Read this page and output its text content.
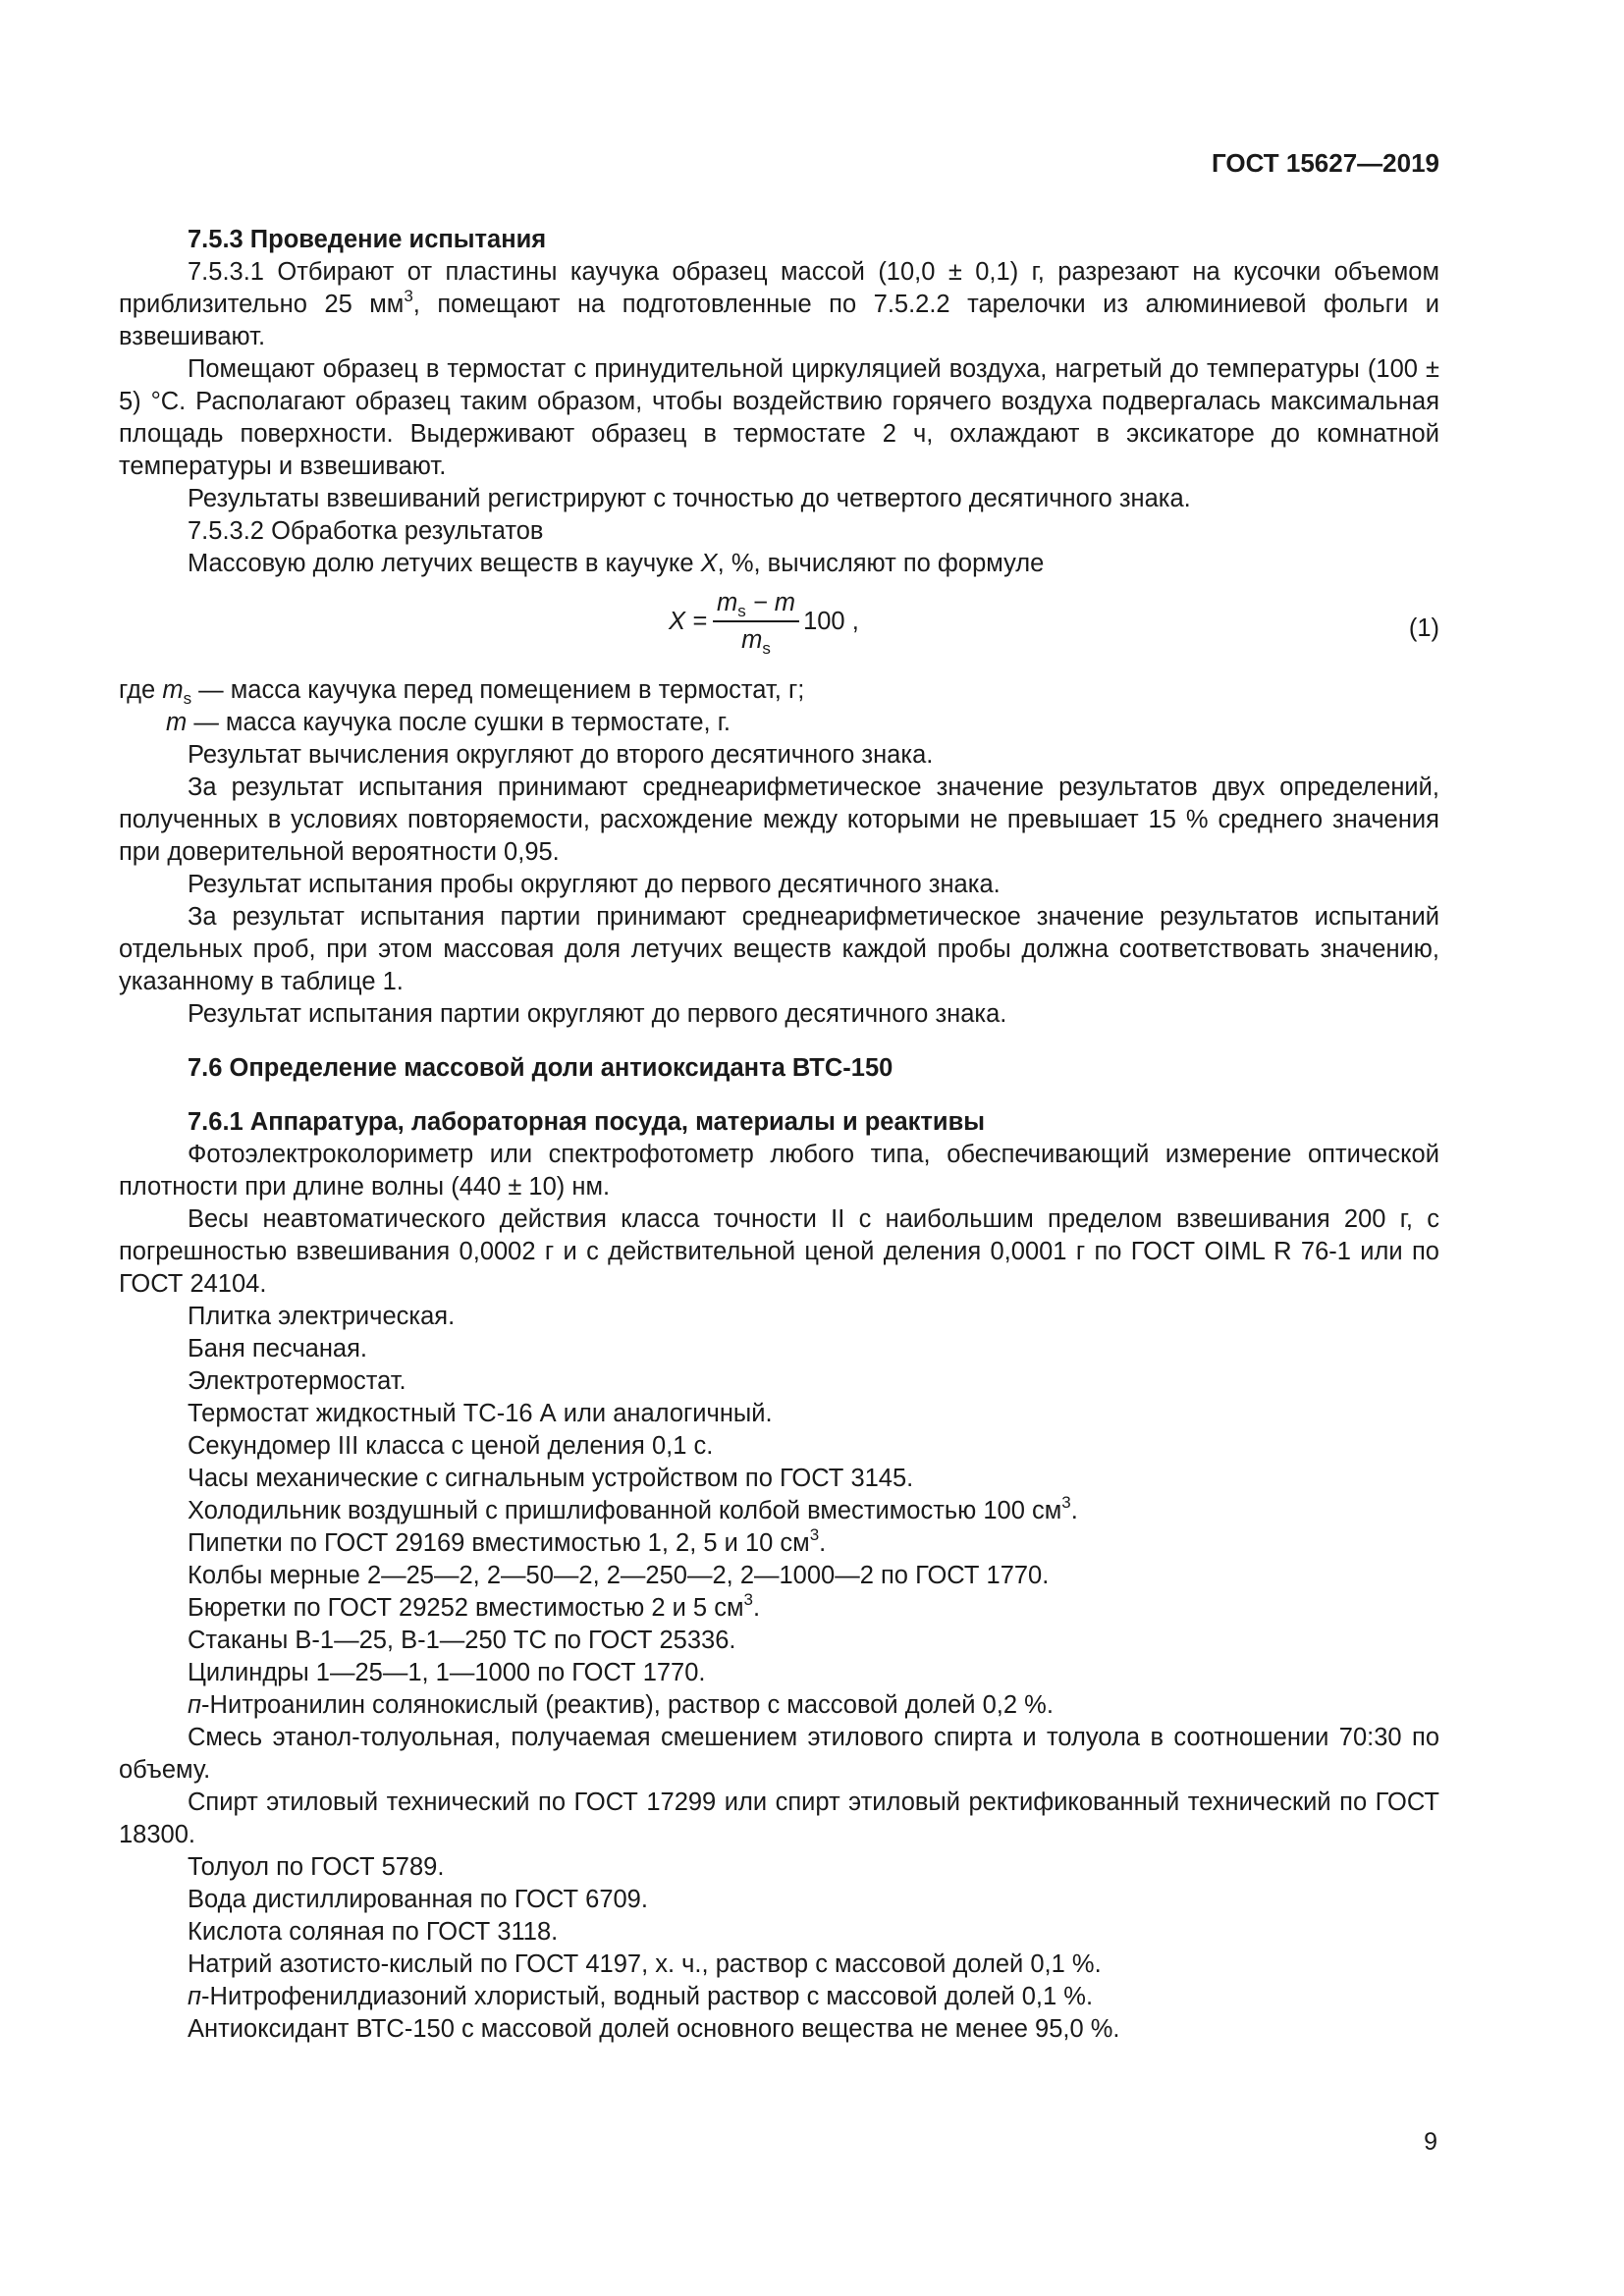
ГОСТ 15627—2019
7.5.3 Проведение испытания

7.5.3.1 Отбирают от пластины каучука образец массой (10,0 ± 0,1) г, разрезают на кусочки объемом приблизительно 25 $мм^3$, помещают на подготовленные по 7.5.2.2 тарелочки из алюминиевой фольги и взвешивают.

Помещают образец в термостат с принудительной циркуляцией воздуха, нагретый до температуры (100 ± 5) °C. Располагают образец таким образом, чтобы воздействию горячего воздуха подвергалась максимальная площадь поверхности. Выдерживают образец в термостате 2 ч, охлаждают в эксикаторе до комнатной температуры и взвешивают.

Результаты взвешиваний регистрируют с точностью до четвертого десятичного знака.

7.5.3.2 Обработка результатов

Массовую долю летучих веществ в каучуке X, %, вычисляют по формуле

$X = \frac{m_s - m}{m_s} 100$ ,	(1)

где $m_s$ — масса каучука перед помещением в термостат, г;

m — масса каучука после сушки в термостате, г.

Результат вычисления округляют до второго десятичного знака.

За результат испытания принимают среднеарифметическое значение результатов двух определений, полученных в условиях повторяемости, расхождение между которыми не превышает 15 % среднего значения при доверительной вероятности 0,95.

Результат испытания пробы округляют до первого десятичного знака.

За результат испытания партии принимают среднеарифметическое значение результатов испытаний отдельных проб, при этом массовая доля летучих веществ каждой пробы должна соответствовать значению, указанному в таблице 1.

Результат испытания партии округляют до первого десятичного знака.

7.6 Определение массовой доли антиоксиданта ВТС-150
7.6.1 Аппаратура, лабораторная посуда, материалы и реактивы

Фотоэлектроколориметр или спектрофотометр любого типа, обеспечивающий измерение оптической плотности при длине волны (440 ± 10) нм.

Весы неавтоматического действия класса точности II с наибольшим пределом взвешивания 200 г, с погрешностью взвешивания 0,0002 г и с действительной ценой деления 0,0001 г по ГОСТ OIML R 76-1 или по ГОСТ 24104.

Плитка электрическая.

Баня песчаная.

Электротермостат.

Термостат жидкостный ТС-16 А или аналогичный.

Секундомер III класса с ценой деления 0,1 с.

Часы механические с сигнальным устройством по ГОСТ 3145.

Холодильник воздушный с пришлифованной колбой вместимостью 100 $см^3$.

Пипетки по ГОСТ 29169 вместимостью 1, 2, 5 и 10 $см^3$.

Колбы мерные 2—25—2, 2—50—2, 2—250—2, 2—1000—2 по ГОСТ 1770.

Бюретки по ГОСТ 29252 вместимостью 2 и 5 $см^3$.

Стаканы В-1—25, В-1—250 ТС по ГОСТ 25336.

Цилиндры 1—25—1, 1—1000 по ГОСТ 1770.

п-Нитроанилин солянокислый (реактив), раствор с массовой долей 0,2 %.

Смесь этанол-толуольная, получаемая смешением этилового спирта и толуола в соотношении 70:30 по объему.

Спирт этиловый технический по ГОСТ 17299 или спирт этиловый ректификованный технический по ГОСТ 18300.

Толуол по ГОСТ 5789.

Вода дистиллированная по ГОСТ 6709.

Кислота соляная по ГОСТ 3118.

Натрий азотисто-кислый по ГОСТ 4197, х. ч., раствор с массовой долей 0,1 %.

п-Нитрофенилдиазоний хлористый, водный раствор с массовой долей 0,1 %.

Антиоксидант ВТС-150 с массовой долей основного вещества не менее 95,0 %.

9
